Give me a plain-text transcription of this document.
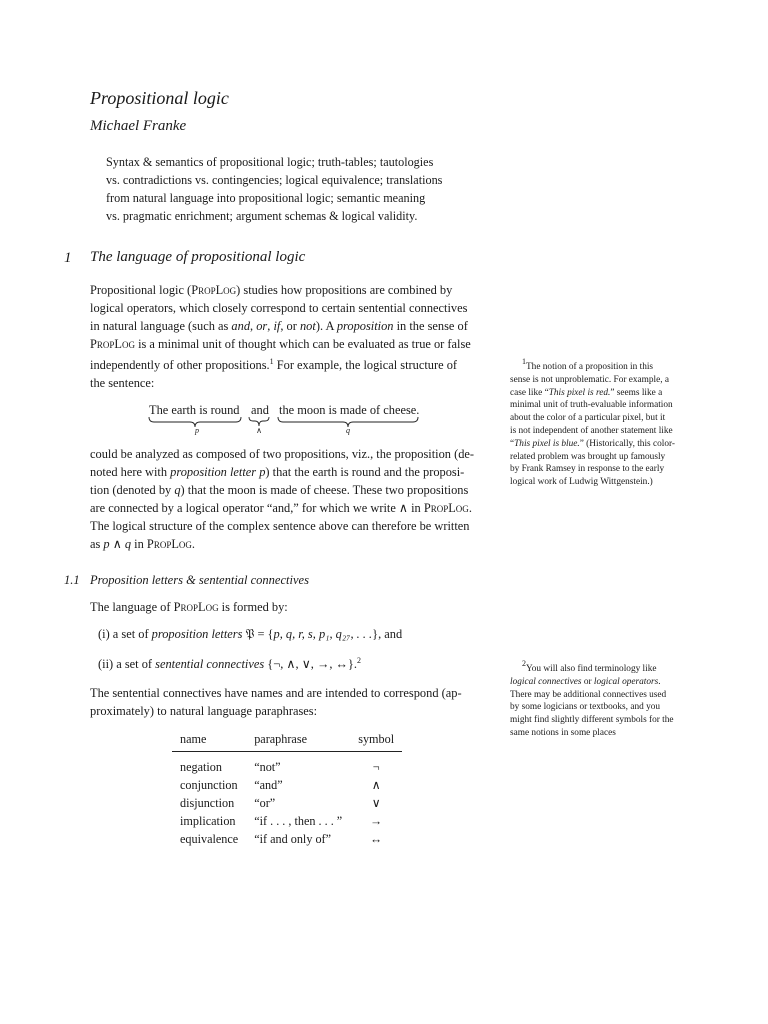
Propositional logic
Michael Franke
Syntax & semantics of propositional logic; truth-tables; tautologies
vs. contradictions vs. contingencies; logical equivalence; translations
from natural language into propositional logic; semantic meaning
vs. pragmatic enrichment; argument schemas & logical validity.
1 The language of propositional logic
Propositional logic (PropLog) studies how propositions are combined by
logical operators, which closely correspond to certain sentential connectives
in natural language (such as and, or, if, or not). A proposition in the sense of
PropLog is a minimal unit of thought which can be evaluated as true or false
independently of other propositions.$^1$ For example, the logical structure of
the sentence:
The earth is round and the moon is made of cheese.
p	∧	q
could be analyzed as composed of two propositions, viz., the proposition (de-
noted here with proposition letter p) that the earth is round and the proposi-
tion (denoted by q) that the moon is made of cheese. These two propositions
are connected by a logical operator “and,” for which we write ∧ in PropLog.
The logical structure of the complex sentence above can therefore be written
as p ∧ q in PropLog.
1.1 Proposition letters & sentential connectives
The language of PropLog is formed by:
(i) a set of proposition letters 𝔓 = {p, q, r, s, p₁, q₂₇, . . .}, and
(ii) a set of sentential connectives {¬, ∧, ∨, →, ↔}.$^2$
The sentential connectives have names and are intended to correspond (ap-
proximately) to natural language paraphrases:
name	paraphrase	symbol
negation	“not”	¬
conjunction	“and”	∧
disjunction	“or”	∨
implication	“if . . . , then . . . ”	→
equivalence	“if and only of”	↔
1The notion of a proposition in this
sense is not unproblematic. For example, a
case like “This pixel is red.” seems like a
minimal unit of truth-evaluable information
about the color of a particular pixel, but it
is not independent of another statement like
“This pixel is blue.” (Historically, this color-
related problem was brought up famously
by Frank Ramsey in response to the early
logical work of Ludwig Wittgenstein.)
2You will also find terminology like
logical connectives or logical operators.
There may be additional connectives used
by some logicians or textbooks, and you
might find slightly different symbols for the
same notions in some places
